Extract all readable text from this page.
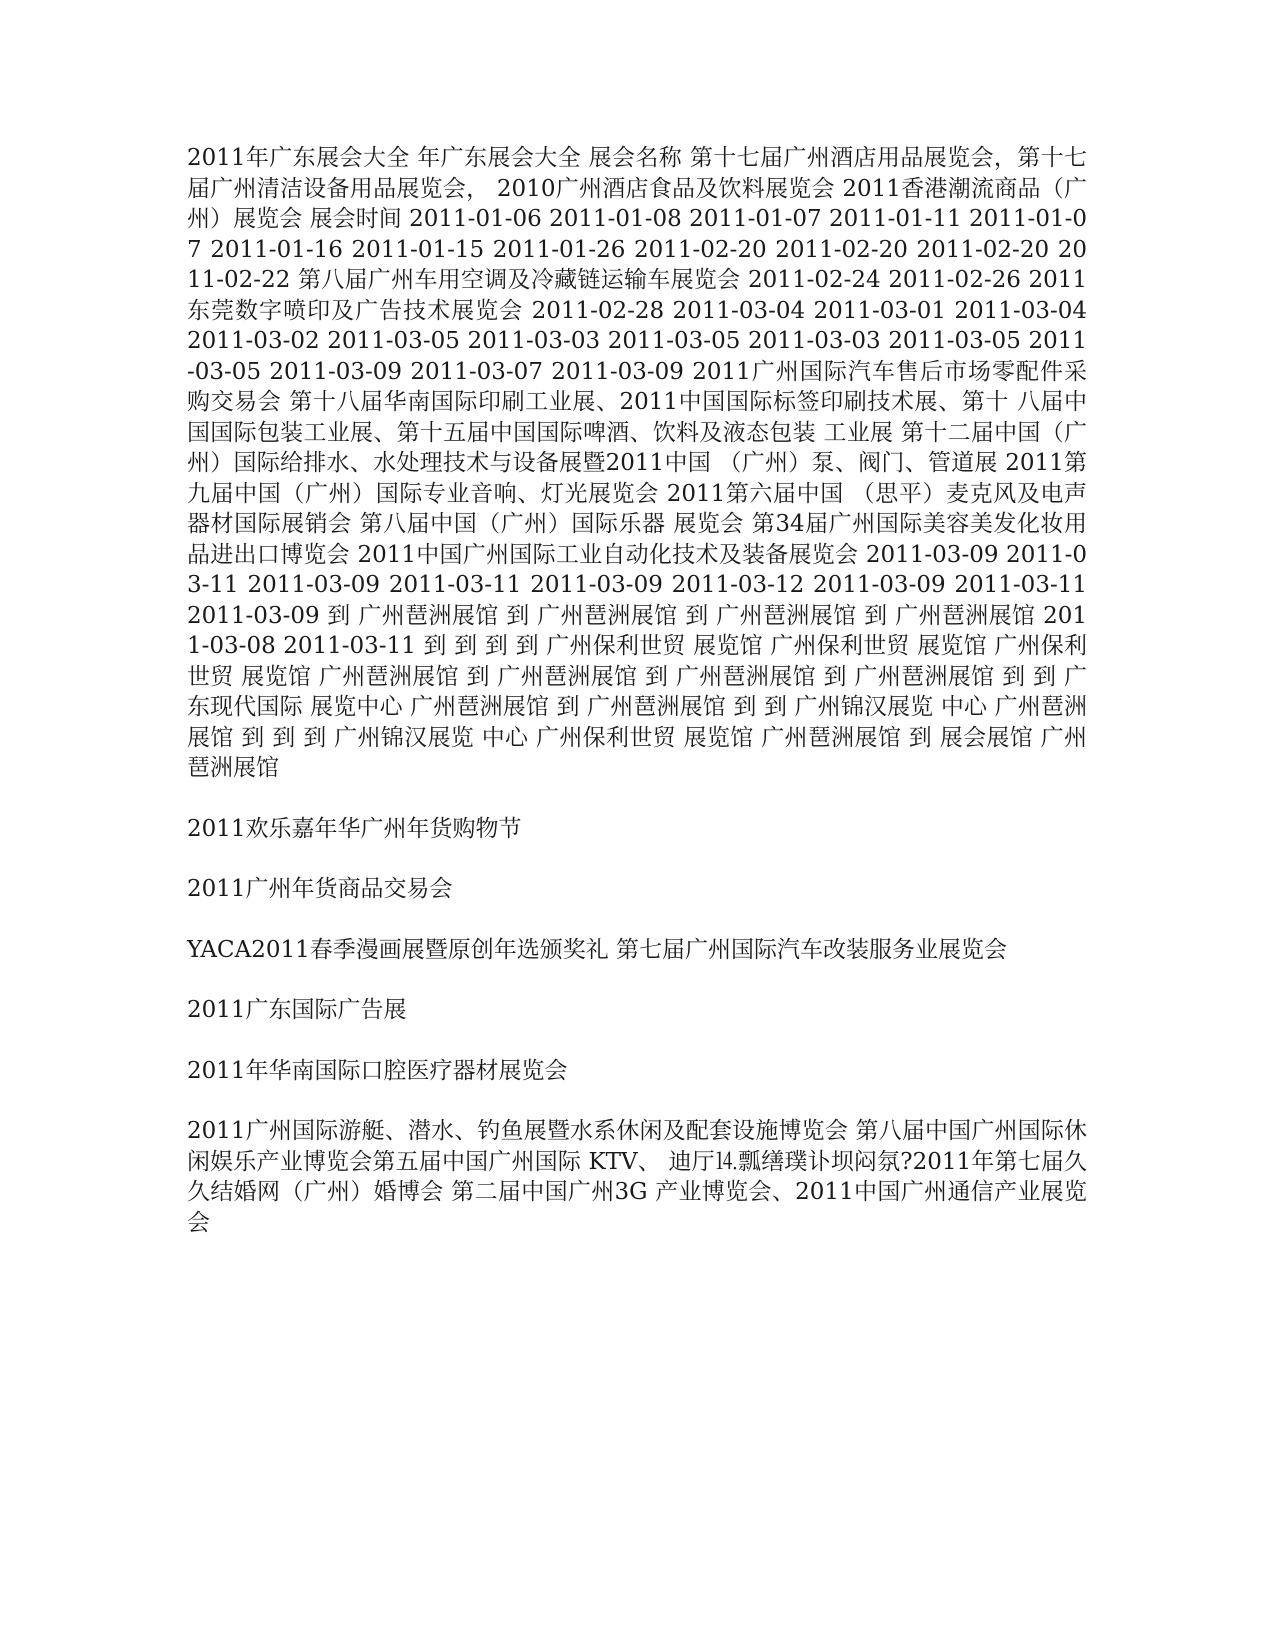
2011年广东展会大全 年广东展会大全 展会名称 第十七届广州酒店用品展览会，第十七届广州清洁设备用品展览会， 2010广州酒店食品及饮料展览会 2011香港潮流商品（广州）展览会 展会时间 2011-01-06 2011-01-08 2011-01-07 2011-01-11 2011-01-07 2011-01-16 2011-01-15 2011-01-26 2011-02-20 2011-02-20 2011-02-20 2011-02-22 第八届广州车用空调及冷藏链运输车展览会 2011-02-24 2011-02-26 2011东莞数字喷印及广告技术展览会 2011-02-28 2011-03-04 2011-03-01 2011-03-04 2011-03-02 2011-03-05 2011-03-03 2011-03-05 2011-03-03 2011-03-05 2011-03-05 2011-03-09 2011-03-07 2011-03-09 2011广州国际汽车售后市场零配件采购交易会 第十八届华南国际印刷工业展、2011中国国际标签印刷技术展、第十 八届中国国际包装工业展、第十五届中国国际啤酒、饮料及液态包装 工业展 第十二届中国（广州）国际给排水、水处理技术与设备展暨2011中国 （广州）泵、阀门、管道展 2011第九届中国（广州）国际专业音响、灯光展览会 2011第六届中国 （思平）麦克风及电声器材国际展销会 第八届中国（广州）国际乐器 展览会 第34届广州国际美容美发化妆用品进出口博览会 2011中国广州国际工业自动化技术及装备展览会 2011-03-09 2011-03-11 2011-03-09 2011-03-11 2011-03-09 2011-03-12 2011-03-09 2011-03-11 2011-03-09 到 广州琶洲展馆 到 广州琶洲展馆 到 广州琶洲展馆 到 广州琶洲展馆 2011-03-08 2011-03-11 到 到 到 到 广州保利世贸 展览馆 广州保利世贸 展览馆 广州保利世贸 展览馆 广州琶洲展馆 到 广州琶洲展馆 到 广州琶洲展馆 到 广州琶洲展馆 到 到 广东现代国际 展览中心 广州琶洲展馆 到 广州琶洲展馆 到 到 广州锦汉展览 中心 广州琶洲展馆 到 到 到 广州锦汉展览 中心 广州保利世贸 展览馆 广州琶洲展馆 到 展会展馆 广州琶洲展馆

2011欢乐嘉年华广州年货购物节

2011广州年货商品交易会

YACA2011春季漫画展暨原创年选颁奖礼 第七届广州国际汽车改装服务业展览会

2011广东国际广告展

2011年华南国际口腔医疗器材展览会

2011广州国际游艇、潜水、钓鱼展暨水系休闲及配套设施博览会 第八届中国广州国际休闲娱乐产业博览会第五届中国广州国际 KTV、 迪厅⒕瓢缮璞讣坝闷氛?2011年第七届久久结婚网（广州）婚博会 第二届中国广州3G 产业博览会、2011中国广州通信产业展览会
